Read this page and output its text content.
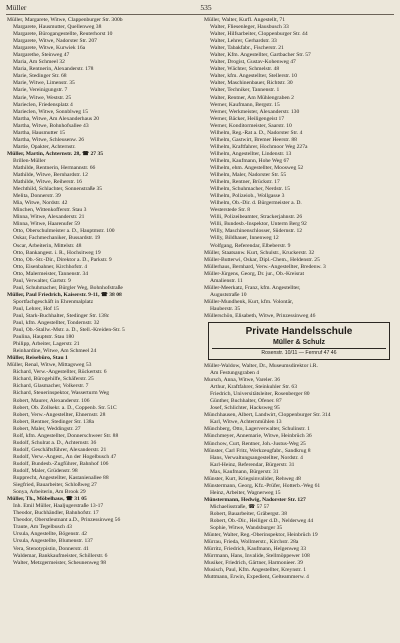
Müller	535
Müller, Margarete, Witwe, Clappenburger Str. 300b
Margarete, Hausmutter, Quellenweg 38
Margarete, Bürogangestellte, Reuterhorst 10
Margarete, Witwe, Nadorster Str. 207
Margarete, Witwe, Kurwiek 16a
Margarethe, Steinweg 47
Maria, Am Schmeel 32
Maria, Rentnerin, Alexanderstr. 178
Marie, Stedinger Str. 68
Marie, Witwe, Limenstr. 35
Marie, Vereinigungstr. 7
Marie, Witwe, Weststr. 25
Marieclen, Friedensplatz 4
Marieclen, Witwe, Sonnblweg 15
Martha, Witwe, Am Alexanderhaus 20
Martha, Witwe, Bohnhofsallee 43
Martha, Hausmutter 15
Martha, Witwe, Schleusenw. 26
Martie, Opakter, Achternstr.
Müller, Martin, Achternstr. 28, ☎ 27 35
Brillen-Müller
Mathilde, Rentnerin, Hermannstr. 66
Mathilde, Witwe, Bernhardstr. 12
Mathilde, Witwe, Reiherstr. 16
Mechthild, Schlachter, Sonnenstraße 35
Melita, Donnerstr. 39
Mia, Witwe, Nordstr. 42
Minchen, Wittenkofferstr. Stau 3
Minna, Witwe, Alexanderstr. 21
Minna, Witwe, Haarenufer 59
Otto, Oberschulmeister a. D., Hauptmstr. 100
Oskar, Fachmechaniker, Bussardstr. 19
Oscar, Arbeiterin, Mittelstr. 48
Otto, Bankangest. i. R., Hochsitweg 19
Otto, Ob.-Str.-Dir., Direktor a. D., Parkstr. 9
Otto, Eisenbahner, Kirchhofstr. 4
Otto, Malermeister, Tannenstr. 34
Paul, Verwalter, Gartstr. 9
Paul, Schuhmacher, Bürgler Weg, Bohnhofstraße
Müller, Paul Friedrich, Kaiserstr. 9-11, ☎ 38 08
Sportfachgeschäft in Ehrenmalplatz
Paul, Lehrer, Hof 15
Paul, Stark-Buchhalter, Stedinger Str. 138c
Paul, kfm. Angestellter, Tondernstr. 32
Paul, Ob.-Stallw.-Mstr. a. D., Stell.-Kreiden-Str. 5
Paulina, Hauptstr. Stau 180
Philipp, Arbeiter, Lagerstr. 21
Reinhardine, Witwe, Am Schmeel 24
Müller, Reisebüro, Stau 1
Müller, Renal, Witwe, Mittagsweg 53
Richard, Verw.-Angestellter, Rückertstr. 6
Richard, Bürogehilfe, Schäferstr. 25
Richard, Glasmacher, Volkerstr. 7
Richard, Steuerinspektor, Wasserturm Weg
Robert, Maurer, Alexanderstr. 106
Robert, Ob. Zollsekr. a. D., Coppenb. Str. 51C
Robert, Verw.-Angestellter, Ehnernstr. 28
Robert, Rentner, Stedinger Str. 138a
Robert, Maler, Weddingstr. 27
Rolf, kfm. Angestellter, Donnerschweer Str. 88
Rudolf, Schulrat a. D., Achternstr. 36
Rudolf, Geschäftsführer, Alexanderstr. 21
Rudolf, Verw.-Angest., An der Hogelbusch 47
Rudolf, Bundesb.-Zugführer, Bahnhof 106
Rudolf, Maler, Grüdenstr. 98
Rupprecht, Angestellter, Kastanienallee 88
Siegfried, Bauarbeiter, Schloßweg 27
Sonya, Arbeiterin, Am Brook 29
Müller, Th., Möbelhaus, ☎ 31 05
Inh. Emil Müller, Haaljugerstraße 13-17
Theodor, Buchhändler, Bahnhofstr. 17
Theodor, Oberstleutnant a.D., Prinzessinweg 56
Traute, Am Tegelbusch 43
Ursula, Angestellte, Bögenstr. 42
Ursula, Angestellte, Blumenstr. 137
Vera, Stenotypistin, Donnerstr. 41
Waldemar, Bankkaufmeister, Schillerstr. 6
Walter, Metzgermeister, Scheunenweg 98
Müller, Walter, Kurfl. Angestellt, 71
Walter, Fliesenleger, Hausbusch 33
Walter, Hilfsarbeiter, Cloppenburger Str. 44
Walter, Lehrer, Gerhardstr. 33
Walter, Tabakfabr., Fischerstr. 21
Walter, Kfm. Angestellter, Gartbacher Str. 57
Walter, Drogist, Gustav-Kohenweg 47
Walter, Wächter, Schmelstr. 48
Walter, kfm. Angestellter, Stellerstr. 10
Walter, Maschinenbauer, Richtstr. 30
Walter, Techniker, Tannenstr. 1
Walter, Rentner, Am Mühlengraben 2
Werner, Kaufmann, Bergstr. 15
Werner, Werkmeister, Alexanderstr. 130
Werner, Bäcker, Heiligengeist 17
Werner, Konditormeister, Saarstr. 10
Wilhelm, Reg.-Rat a. D., Nadorster Str. 4
Wilhelm, Gastwirt, Bremer Heerstr. 88
Wilhelm, Kraftfahrer, Hochmoor Weg 227a
Wilhelm, Angestellter, Lindenstr. 13
Wilhelm, Kaufmann, Hohe Weg 67
Wilhelm, ehm. Angestellter, Moosweg 52
Wilhelm, Maler, Nadorster Str. 55
Wilhelm, Rentner, Brückstr. 17
Wilhelm, Schuhmacher, Nerdstr. 15
Wilhelm, Polizeiob., Wollgasse 3
Wilhelm, Ob.-Dir. d. Bürgermeister a. D.
Westerstede Str. 8
Willi, Polizeibeamter, Strackerjahnstr. 26
Willi, Bundesb.-Inspektor, Unterm Berg 92
Willy, Maschinenschlosser, Südernstr. 12
Willy, Bildhauer, Innenweg 12
Wolfgang, Referendar, Elbeberstr. 9
Müller, Staatsanw. Kurt, Schulstr., Kruckerstr. 32
Müller-Butterwi, Oskar, Dipl.-Chem., Heldenstr. 25
Müllerhaus, Bernhard, Verw.-Angestellter, Bredenw. 3
Müller-Jürgens, Georg, Dr. jur., Ob.-Kreisrat
Amalienstr. 11
Müller-Meerkatz, Franz, kfm. Angestellter,
Auguststraße 10
Müller-Mundhenk, Kurt, kfm. Volontär,
Hauberstr. 35
Müllerschön, Elisabeth, Witwe, Prinzessinweg 46
Private Handelsschule
Müller & Schulz
Rosenstr. 10/11 — Fernruf 47 46
Müller-Waldow, Walter, Dr., Museumsdirektor i.R.
Am Festungsgraben 4
Mursch, Anna, Witwe, Vareler. 36
Arthur, Kraftfahrer, Steinkuhler Str. 63
Friedrich, Universitätsleiter, Rosenberger 80
Günther, Buchhalter, Ofener. 87
Josef, Schlichter, Hacksweg 95
Münchhausen, Albert, Landwirt, Cloppenburger Str. 314
Karl, Witwe, Achternmühlen 13
Münchberg, Otto, Lagerverwalter, Schulinstr. 1
Münchmeyer, Annemarie, Witwe, Heinbrüch 36
Münchow, Curt, Rentner, Joh.-Justus-Weg 25
Münster, Carl Fritz, Werkzeugfabr., Sandkrug 8
Hans, Verwaltungsangestellter, Nordstr. 4
Karl-Heinz, Referendar, Bürgerstr. 31
Max, Kaufmann, Bürgerstr. 31
Münster, Kurt, Kriegsinvalider, Rehweg 48
Münstermann, Georg, Kfz.-Prüfer, Hotterb.-Weg 61
Heinz, Arbeiter, Wagnerweg 15
Münstermann, Hedwig, Nadorster Str. 127
Michaelisstraße, ☎ 57 57
Robert, Bauarbeiter, Gräbergst. 38
Robert, Ob.-Dir., Heiliger d.D., Nelderweg 44
Sophie, Witwe, Wandsburger 35
Münter, Walter, Reg.-Oberinspektor, Heinbrüch 19
Mürrau, Frieda, Wollmerstr., Kirchstr. 28a
Mürritz, Friedrich, Kaufmann, Helgenweg 33
Mürrmann, Hans, Invalide, Stellmöppewer 108
Musiker, Friedrich, Gärtner, Harmonieer. 39
Musisch, Paul, Kfm. Angestellter, Kreynstr. 1
Muttmann, Erwin, Expedient, Gelteammerw. 4
